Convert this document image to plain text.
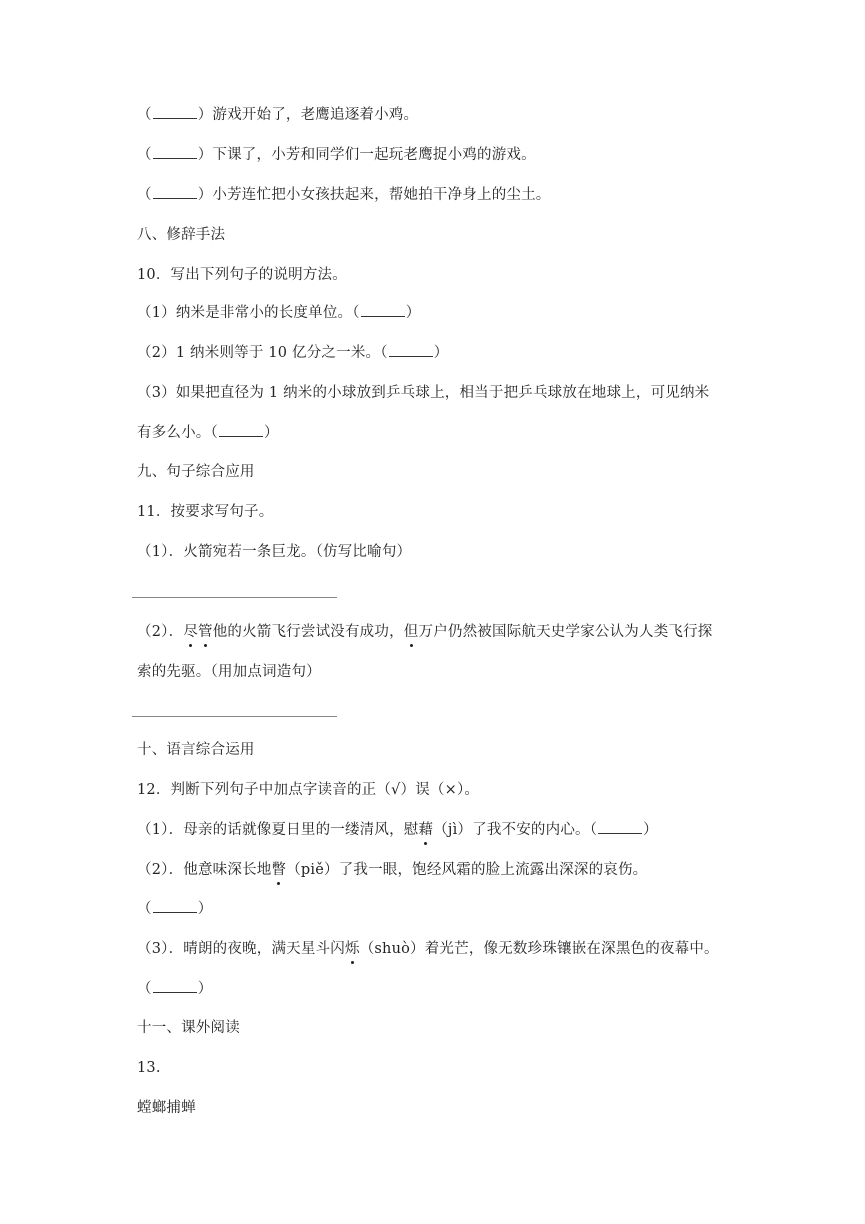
（	）游戏开始了，老鹰追逐着小鸡。

（	）下课了，小芳和同学们一起玩老鹰捉小鸡的游戏。

（	）小芳连忙把小女孩扶起来，帮她拍干净身上的尘土。

八、修辞手法

10．写出下列句子的说明方法。

（1）纳米是非常小的长度单位。（	）

（2）1 纳米则等于 10 亿分之一米。（	）

（3）如果把直径为 1 纳米的小球放到乒乓球上，相当于把乒乓球放在地球上，可见纳米

有多么小。（	）

九、句子综合应用

11．按要求写句子。

（1）．火箭宛若一条巨龙。（仿写比喻句）

（2）．尽管他的火箭飞行尝试没有成功，但万户仍然被国际航天史学家公认为人类飞行探

索的先驱。（用加点词造句）

十、语言综合运用

12．判断下列句子中加点字读音的正（√）误（×）。

（1）．母亲的话就像夏日里的一缕清风，慰藉（jì）了我不安的内心。（	）

（2）．他意味深长地瞥（piě）了我一眼，饱经风霜的脸上流露出深深的哀伤。

（	）

（3）．晴朗的夜晚，满天星斗闪烁（shuò）着光芒，像无数珍珠镶嵌在深黑色的夜幕中。

（	）

十一、课外阅读

13.

螳螂捕蝉
